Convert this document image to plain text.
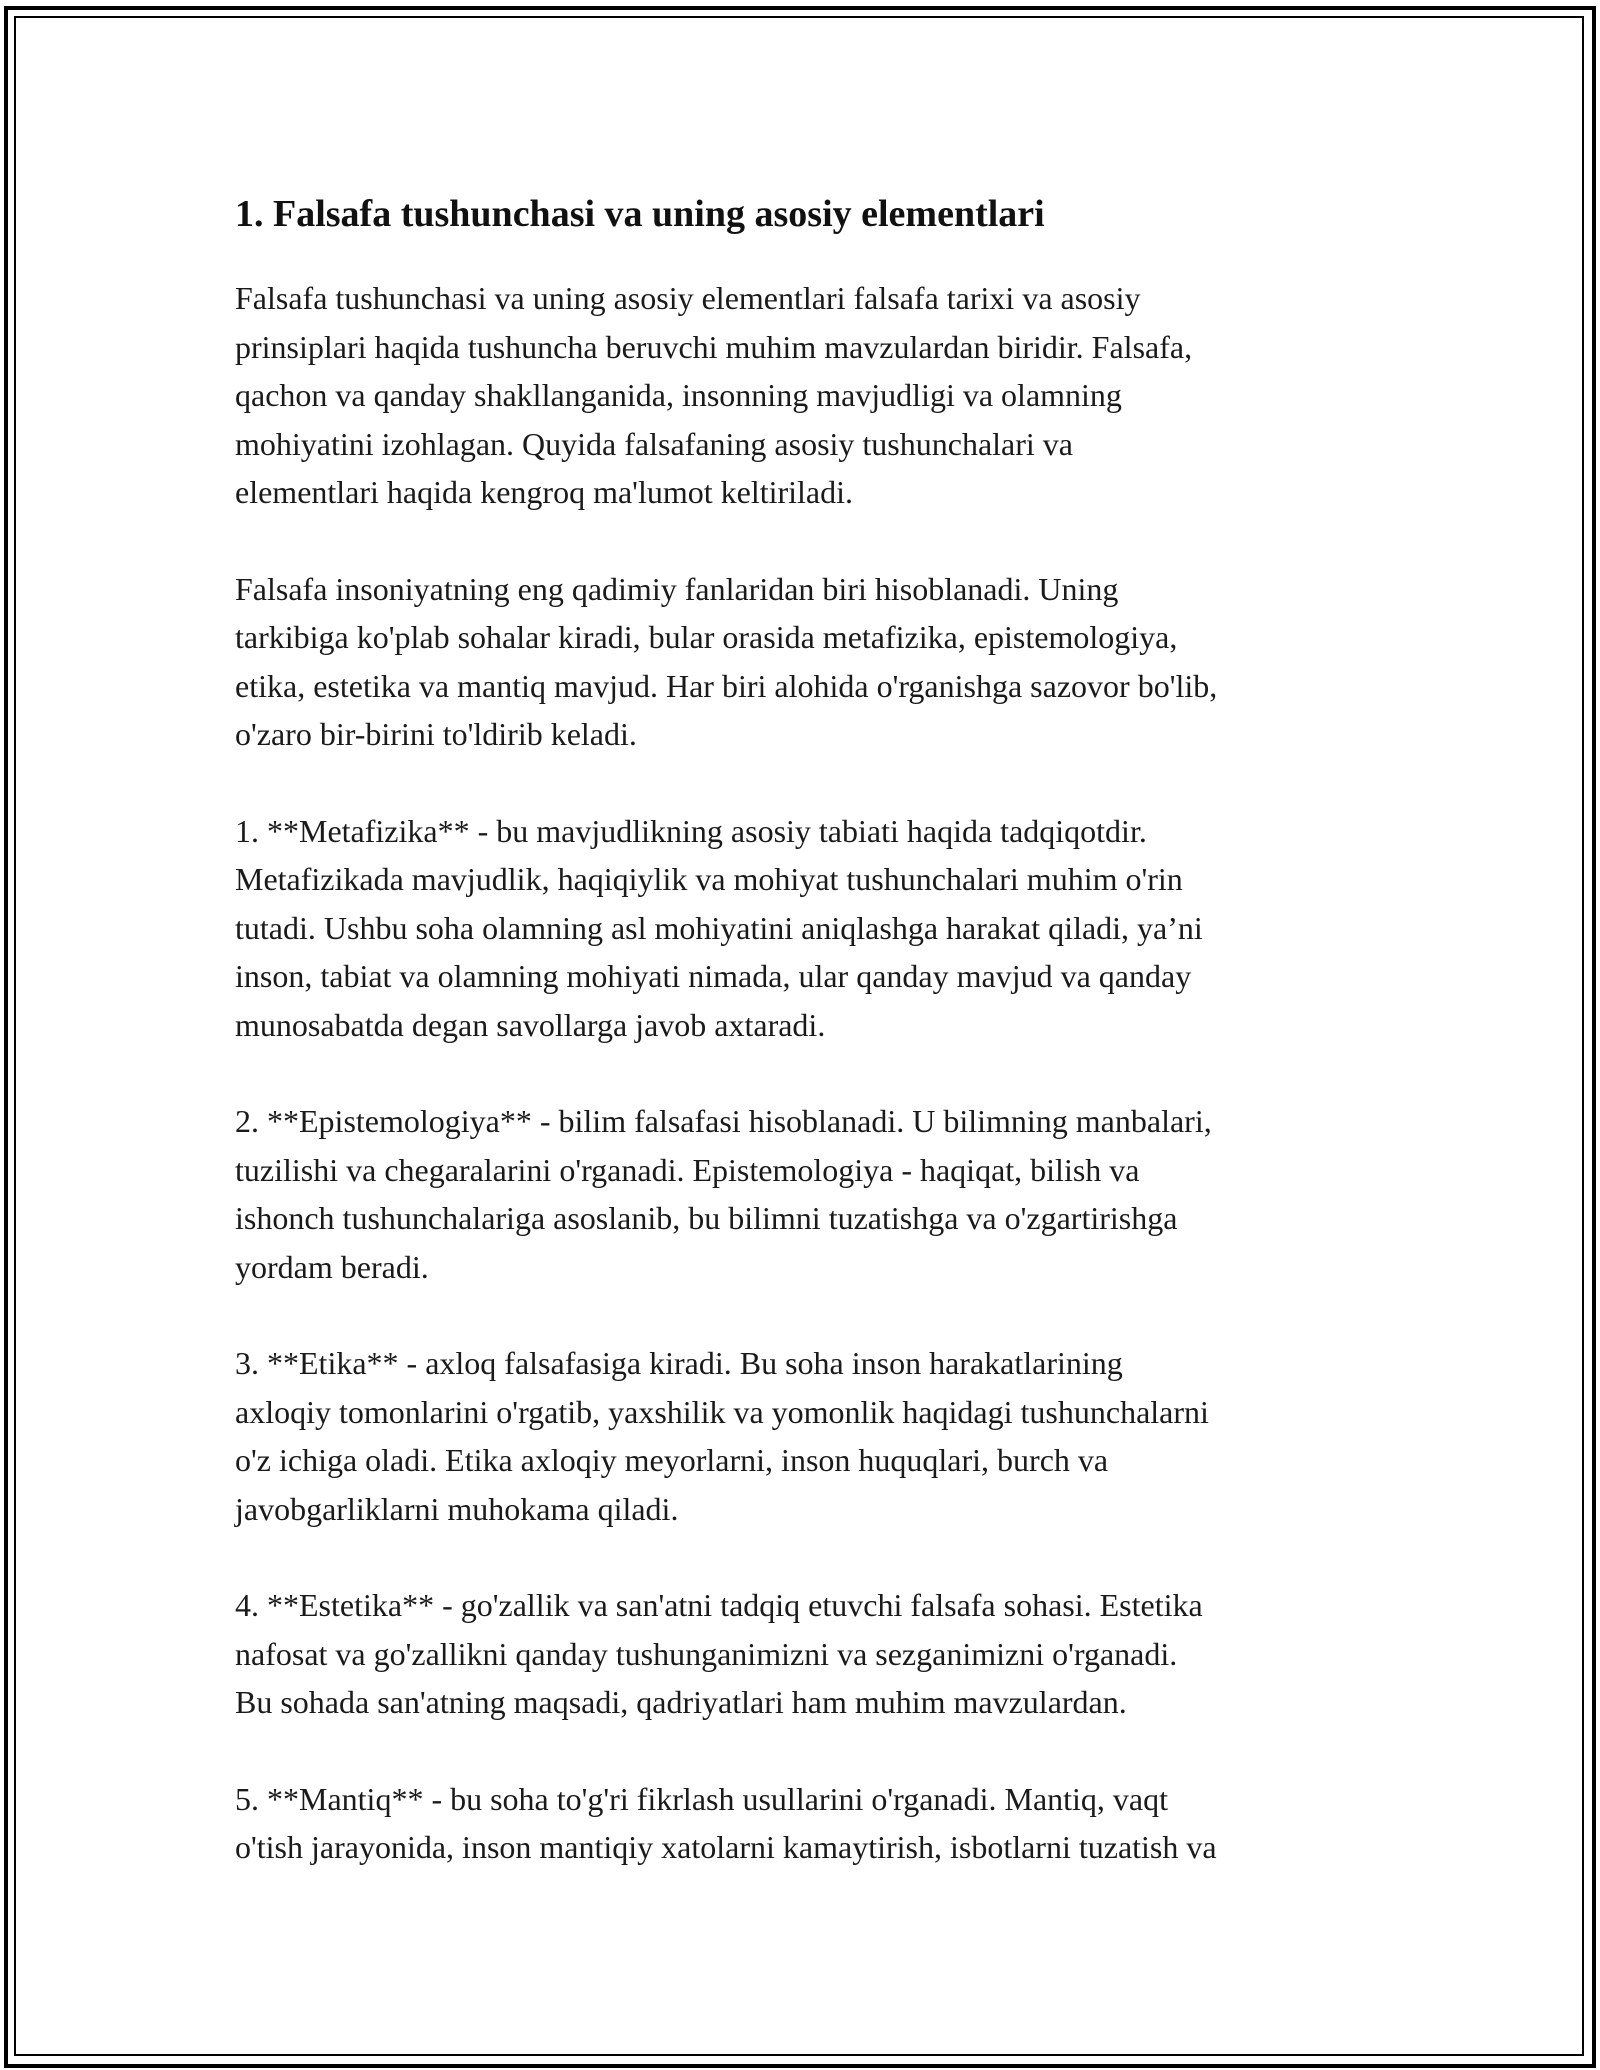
1. Falsafa tushunchasi va uning asosiy elementlari

Falsafa tushunchasi va uning asosiy elementlari falsafa tarixi va asosiy
prinsiplari haqida tushuncha beruvchi muhim mavzulardan biridir. Falsafa,
qachon va qanday shakllanganida, insonning mavjudligi va olamning
mohiyatini izohlagan. Quyida falsafaning asosiy tushunchalari va
elementlari haqida kengroq ma'lumot keltiriladi.

Falsafa insoniyatning eng qadimiy fanlaridan biri hisoblanadi. Uning
tarkibiga ko'plab sohalar kiradi, bular orasida metafizika, epistemologiya,
etika, estetika va mantiq mavjud. Har biri alohida o'rganishga sazovor bo'lib,
o'zaro bir-birini to'ldirib keladi.

1. **Metafizika** - bu mavjudlikning asosiy tabiati haqida tadqiqotdir.
Metafizikada mavjudlik, haqiqiylik va mohiyat tushunchalari muhim o'rin
tutadi. Ushbu soha olamning asl mohiyatini aniqlashga harakat qiladi, ya’ni
inson, tabiat va olamning mohiyati nimada, ular qanday mavjud va qanday
munosabatda degan savollarga javob axtaradi.

2. **Epistemologiya** - bilim falsafasi hisoblanadi. U bilimning manbalari,
tuzilishi va chegaralarini o'rganadi. Epistemologiya - haqiqat, bilish va
ishonch tushunchalariga asoslanib, bu bilimni tuzatishga va o'zgartirishga
yordam beradi.

3. **Etika** - axloq falsafasiga kiradi. Bu soha inson harakatlarining
axloqiy tomonlarini o'rgatib, yaxshilik va yomonlik haqidagi tushunchalarni
o'z ichiga oladi. Etika axloqiy meyorlarni, inson huquqlari, burch va
javobgarliklarni muhokama qiladi.

4. **Estetika** - go'zallik va san'atni tadqiq etuvchi falsafa sohasi. Estetika
nafosat va go'zallikni qanday tushunganimizni va sezganimizni o'rganadi.
Bu sohada san'atning maqsadi, qadriyatlari ham muhim mavzulardan.

5. **Mantiq** - bu soha to'g'ri fikrlash usullarini o'rganadi. Mantiq, vaqt
o'tish jarayonida, inson mantiqiy xatolarni kamaytirish, isbotlarni tuzatish va
